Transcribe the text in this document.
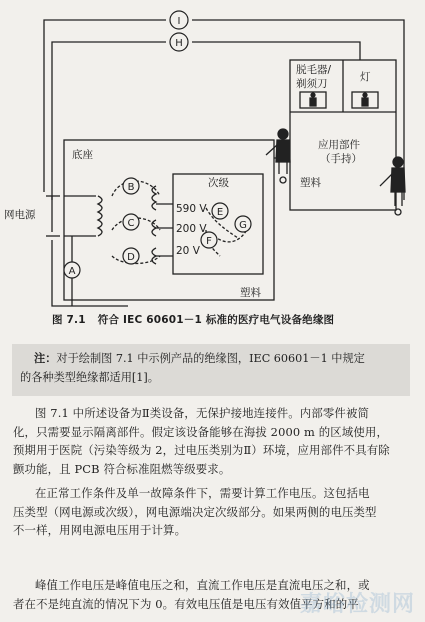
I
H
A
B
C
D
E
F
G
底座
网电源
次级
590 V
200 V
20 V
脱毛器/
剃须刀
灯
应用部件
（手持）
塑料
塑料
图 7.1 符合 IEC 60601－1 标准的医疗电气设备绝缘图
注：对于绘制图 7.1 中示例产品的绝缘图，IEC 60601－1 中规定
的各种类型绝缘都适用[1]。
图 7.1 中所述设备为Ⅱ类设备，无保护接地连接件。内部零件被简
化，只需要显示隔离部件。假定该设备能够在海拔 2000 m 的区域使用，
预期用于医院（污染等级为 2，过电压类别为Ⅱ）环境，应用部件不具有除
颤功能，且 PCB 符合标准阻燃等级要求。
在正常工作条件及单一故障条件下，需要计算工作电压。这包括电
压类型（网电源或次级），网电源端决定次级部分。如果两侧的电压类型
不一样，用网电源电压用于计算。
峰值工作电压是峰值电压之和，直流工作电压是直流电压之和，或
者在不是纯直流的情况下为 0。有效电压值是电压有效值平方和的平
嘉峪检测网
